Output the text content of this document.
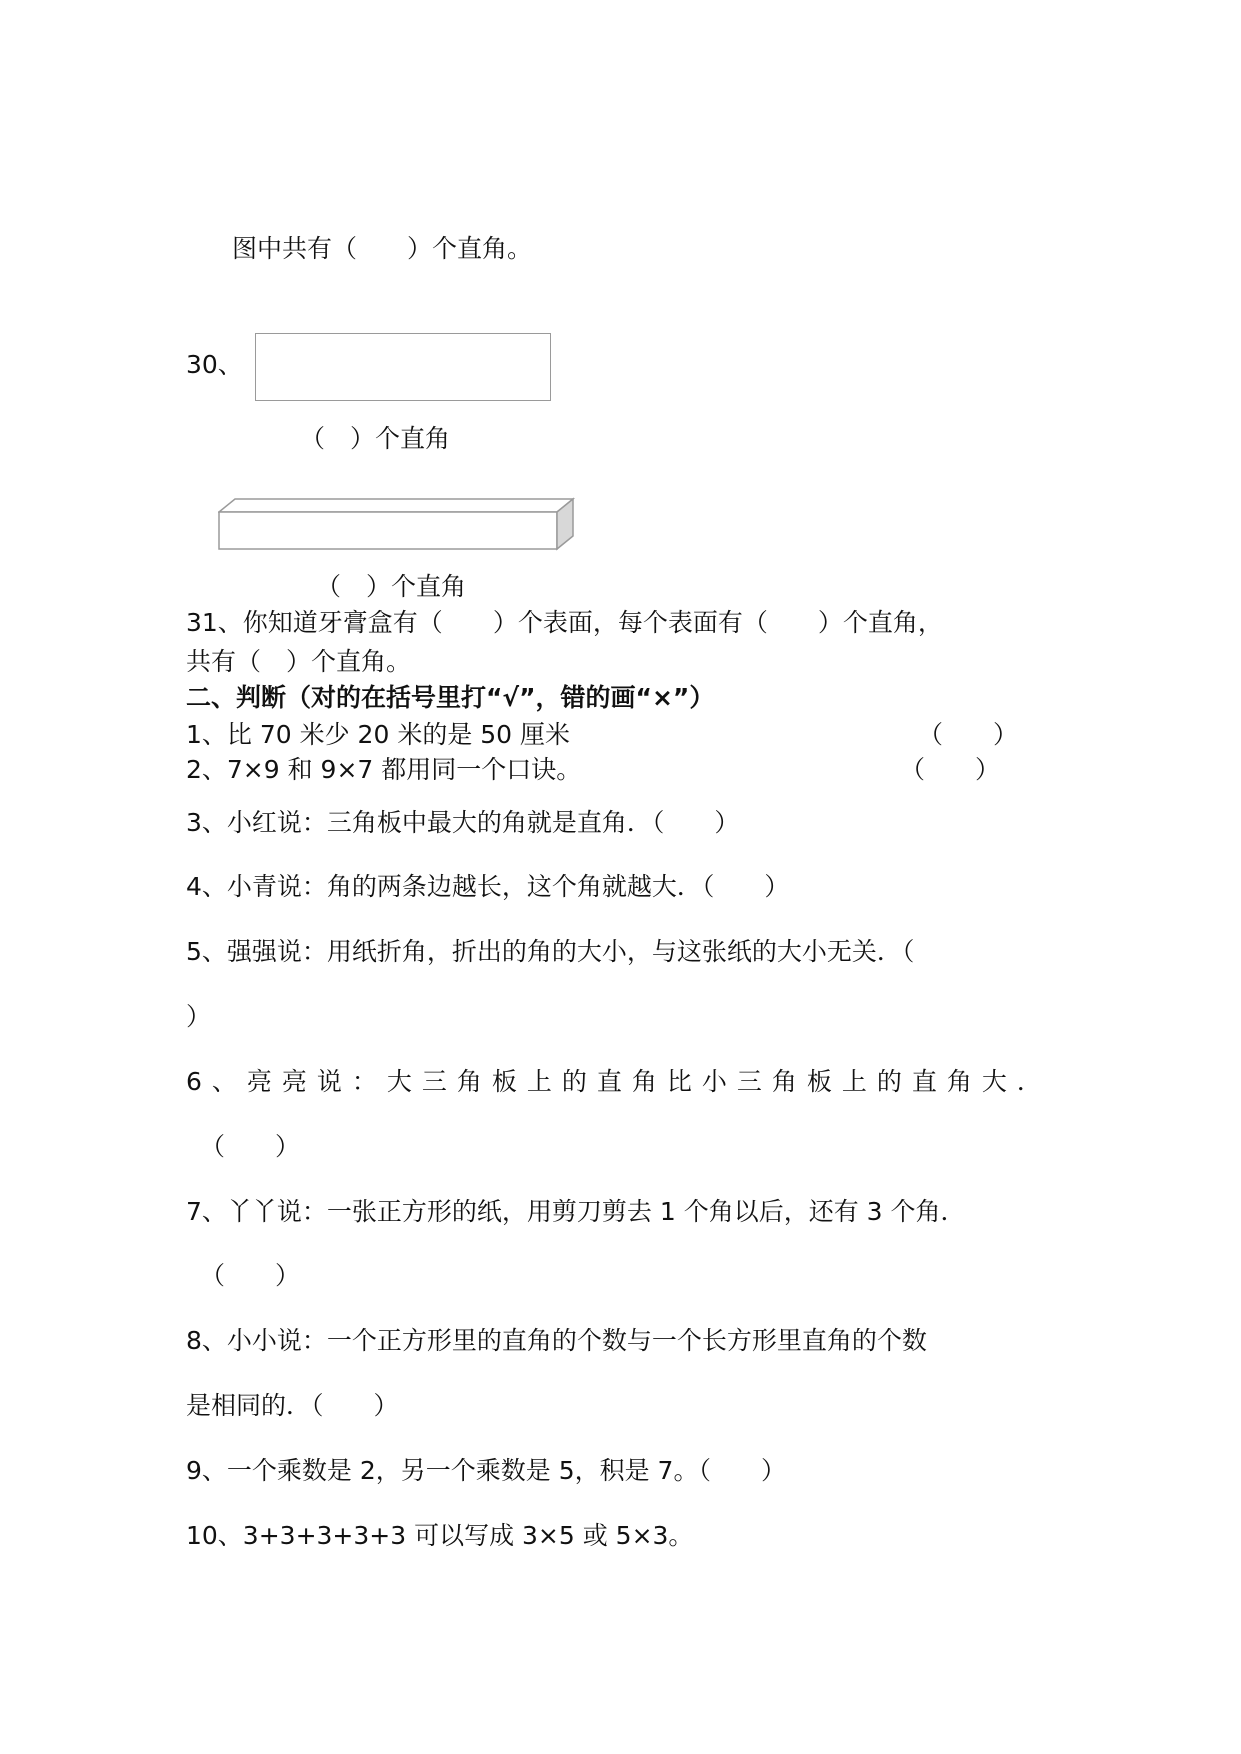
图中共有（　　）个直角。
30、
（　）个直角
（　）个直角
31、你知道牙膏盒有（　　）个表面，每个表面有（　　）个直角，
共有（　）个直角。
二、判断（对的在括号里打“√”，错的画“×”）
1、比 70 米少 20 米的是 50 厘米	（　　）
2、7×9 和 9×7 都用同一个口诀。	（　　）
3、小红说：三角板中最大的角就是直角．（　　）
4、小青说：角的两条边越长，这个角就越大．（　　）
5、强强说：用纸折角，折出的角的大小，与这张纸的大小无关．（
）
6、亮亮说：大三角板上的直角比小三角板上的直角大．
（　　）
7、丫丫说：一张正方形的纸，用剪刀剪去 1 个角以后，还有 3 个角．
（　　）
8、小小说：一个正方形里的直角的个数与一个长方形里直角的个数
是相同的．（　　）
9、一个乘数是 2，另一个乘数是 5，积是 7。（　　）
10、3+3+3+3+3 可以写成 3×5 或 5×3。
